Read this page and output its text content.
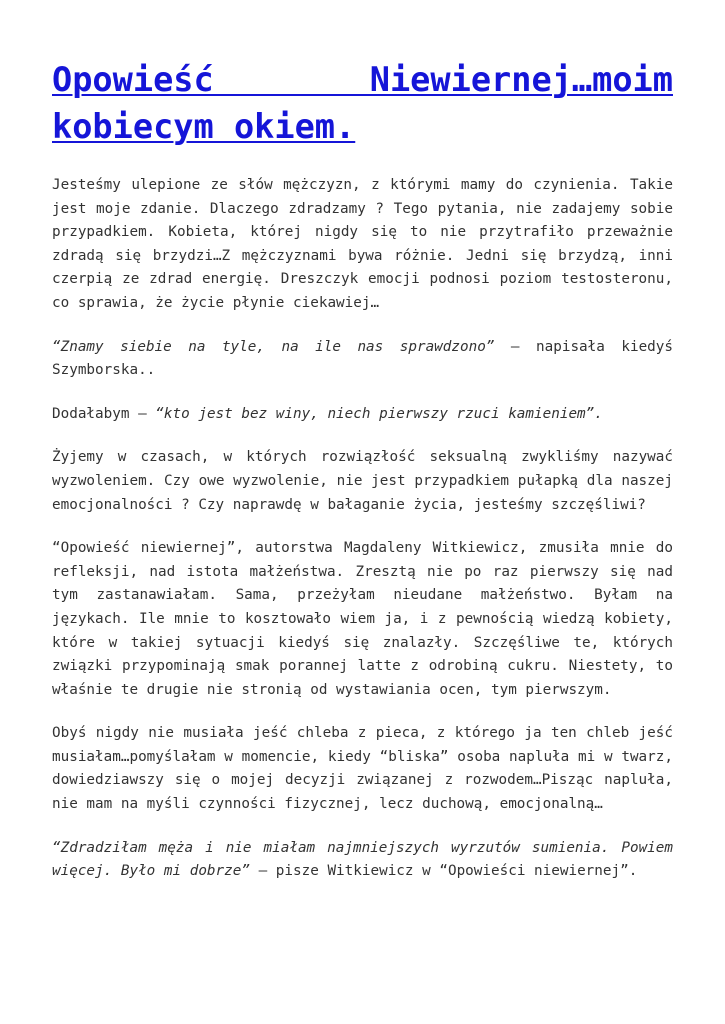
Opowieść Niewiernej…moim kobiecym okiem.

Jesteśmy ulepione ze słów mężczyzn, z którymi mamy do czynienia. Takie jest moje zdanie. Dlaczego zdradzamy ? Tego pytania, nie zadajemy sobie przypadkiem. Kobieta, której nigdy się to nie przytrafiło przeważnie zdradą się brzydzi…Z mężczyznami bywa różnie. Jedni się brzydzą, inni czerpią ze zdrad energię. Dreszczyk emocji podnosi poziom testosteronu, co sprawia, że życie płynie ciekawiej…

“Znamy siebie na tyle, na ile nas sprawdzono” – napisała kiedyś Szymborska..

Dodałabym – “kto jest bez winy, niech pierwszy rzuci kamieniem”.

Żyjemy w czasach, w których rozwiązłość seksualną zwykliśmy nazywać wyzwoleniem. Czy owe wyzwolenie, nie jest przypadkiem pułapką dla naszej emocjonalności ? Czy naprawdę w bałaganie życia, jesteśmy szczęśliwi?

“Opowieść niewiernej”, autorstwa Magdaleny Witkiewicz, zmusiła mnie do refleksji, nad istota małżeństwa. Zresztą nie po raz pierwszy się nad tym zastanawiałam. Sama, przeżyłam nieudane małżeństwo. Byłam na językach. Ile mnie to kosztowało wiem ja, i z pewnością wiedzą kobiety, które w takiej sytuacji kiedyś się znalazły. Szczęśliwe te, których związki przypominają smak porannej latte z odrobiną cukru. Niestety, to właśnie te drugie nie stronią od wystawiania ocen, tym pierwszym.

Obyś nigdy nie musiała jeść chleba z pieca, z którego ja ten chleb jeść musiałam…pomyślałam w momencie, kiedy “bliska” osoba napluła mi w twarz, dowiedziawszy się o mojej decyzji związanej z rozwodem…Pisząc napluła, nie mam na myśli czynności fizycznej, lecz duchową, emocjonalną…

“Zdradziłam męża i nie miałam najmniejszych wyrzutów sumienia. Powiem więcej. Było mi dobrze” – pisze Witkiewicz w “Opowieści niewiernej”.
